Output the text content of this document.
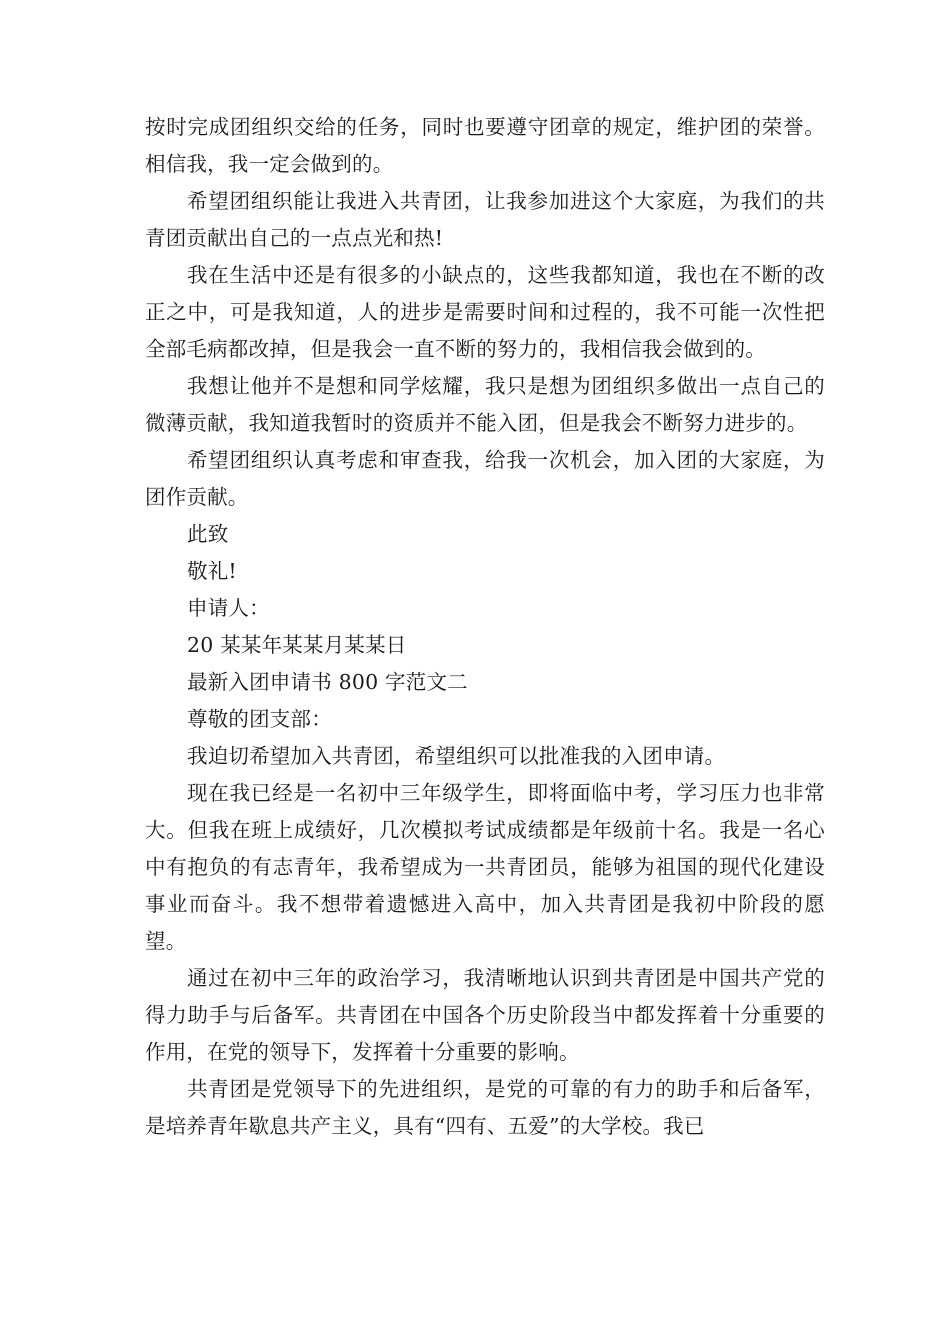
按时完成团组织交给的任务，同时也要遵守团章的规定，维护团的荣誉。相信我，我一定会做到的。

希望团组织能让我进入共青团，让我参加进这个大家庭，为我们的共青团贡献出自己的一点点光和热!

我在生活中还是有很多的小缺点的，这些我都知道，我也在不断的改正之中，可是我知道，人的进步是需要时间和过程的，我不可能一次性把全部毛病都改掉，但是我会一直不断的努力的，我相信我会做到的。

我想让他并不是想和同学炫耀，我只是想为团组织多做出一点自己的微薄贡献，我知道我暂时的资质并不能入团，但是我会不断努力进步的。

希望团组织认真考虑和审查我，给我一次机会，加入团的大家庭，为团作贡献。

此致

敬礼!

申请人：

20 某某年某某月某某日

最新入团申请书 800 字范文二

尊敬的团支部：

我迫切希望加入共青团，希望组织可以批准我的入团申请。

现在我已经是一名初中三年级学生，即将面临中考，学习压力也非常大。但我在班上成绩好，几次模拟考试成绩都是年级前十名。我是一名心中有抱负的有志青年，我希望成为一共青团员，能够为祖国的现代化建设事业而奋斗。我不想带着遗憾进入高中，加入共青团是我初中阶段的愿望。

通过在初中三年的政治学习，我清晰地认识到共青团是中国共产党的得力助手与后备军。共青团在中国各个历史阶段当中都发挥着十分重要的作用，在党的领导下，发挥着十分重要的影响。

共青团是党领导下的先进组织，是党的可靠的有力的助手和后备军，是培养青年歇息共产主义，具有“四有、五爱”的大学校。我已
